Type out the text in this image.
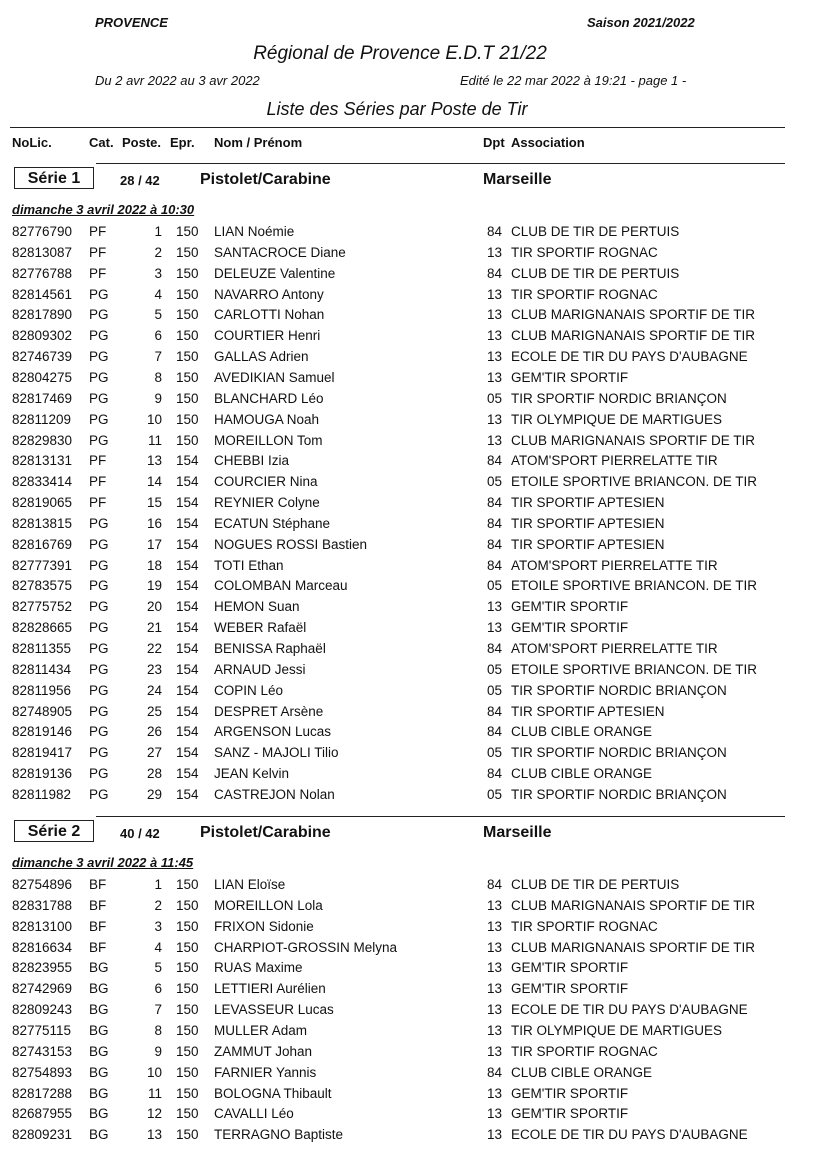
PROVENCE	Saison 2021/2022
Régional de Provence E.D.T 21/22
Du 2 avr 2022 au 3 avr 2022	Edité le 22 mar 2022 à 19:21 - page 1 -
Liste des Séries par Poste de Tir
NoLic.	Cat. Poste. Epr. Nom / Prénom	Dpt Association
Série 1	28 / 42	Pistolet/Carabine	Marseille
dimanche 3 avril 2022 à 10:30
82776790 PF	1 150 LIAN Noémie	84 CLUB DE TIR DE PERTUIS
82813087 PF	2 150 SANTACROCE Diane	13 TIR SPORTIF ROGNAC
82776788 PF	3 150 DELEUZE Valentine	84 CLUB DE TIR DE PERTUIS
82814561 PG	4 150 NAVARRO Antony	13 TIR SPORTIF ROGNAC
82817890 PG	5 150 CARLOTTI Nohan	13 CLUB MARIGNANAIS SPORTIF DE TIR
82809302 PG	6 150 COURTIER Henri	13 CLUB MARIGNANAIS SPORTIF DE TIR
82746739 PG	7 150 GALLAS Adrien	13 ECOLE DE TIR DU PAYS D'AUBAGNE
82804275 PG	8 150 AVEDIKIAN Samuel	13 GEM'TIR SPORTIF
82817469 PG	9 150 BLANCHARD Léo	05 TIR SPORTIF NORDIC BRIANÇON
82811209 PG	10 150 HAMOUGA Noah	13 TIR OLYMPIQUE DE MARTIGUES
82829830 PG	11 150 MOREILLON Tom	13 CLUB MARIGNANAIS SPORTIF DE TIR
82813131 PF	13 154 CHEBBI Izia	84 ATOM'SPORT PIERRELATTE TIR
82833414 PF	14 154 COURCIER Nina	05 ETOILE SPORTIVE BRIANCON. DE TIR
82819065 PF	15 154 REYNIER Colyne	84 TIR SPORTIF APTESIEN
82813815 PG	16 154 ECATUN Stéphane	84 TIR SPORTIF APTESIEN
82816769 PG	17 154 NOGUES ROSSI Bastien	84 TIR SPORTIF APTESIEN
82777391 PG	18 154 TOTI Ethan	84 ATOM'SPORT PIERRELATTE TIR
82783575 PG	19 154 COLOMBAN Marceau	05 ETOILE SPORTIVE BRIANCON. DE TIR
82775752 PG	20 154 HEMON Suan	13 GEM'TIR SPORTIF
82828665 PG	21 154 WEBER Rafaël	13 GEM'TIR SPORTIF
82811355 PG	22 154 BENISSA Raphaël	84 ATOM'SPORT PIERRELATTE TIR
82811434 PG	23 154 ARNAUD Jessi	05 ETOILE SPORTIVE BRIANCON. DE TIR
82811956 PG	24 154 COPIN Léo	05 TIR SPORTIF NORDIC BRIANÇON
82748905 PG	25 154 DESPRET Arsène	84 TIR SPORTIF APTESIEN
82819146 PG	26 154 ARGENSON Lucas	84 CLUB CIBLE ORANGE
82819417 PG	27 154 SANZ - MAJOLI Tilio	05 TIR SPORTIF NORDIC BRIANÇON
82819136 PG	28 154 JEAN Kelvin	84 CLUB CIBLE ORANGE
82811982 PG	29 154 CASTREJON Nolan	05 TIR SPORTIF NORDIC BRIANÇON
Série 2	40 / 42	Pistolet/Carabine	Marseille
dimanche 3 avril 2022 à 11:45
82754896 BF	1 150 LIAN Eloïse	84 CLUB DE TIR DE PERTUIS
82831788 BF	2 150 MOREILLON Lola	13 CLUB MARIGNANAIS SPORTIF DE TIR
82813100 BF	3 150 FRIXON Sidonie	13 TIR SPORTIF ROGNAC
82816634 BF	4 150 CHARPIOT-GROSSIN Melyna	13 CLUB MARIGNANAIS SPORTIF DE TIR
82823955 BG	5 150 RUAS Maxime	13 GEM'TIR SPORTIF
82742969 BG	6 150 LETTIERI Aurélien	13 GEM'TIR SPORTIF
82809243 BG	7 150 LEVASSEUR Lucas	13 ECOLE DE TIR DU PAYS D'AUBAGNE
82775115 BG	8 150 MULLER Adam	13 TIR OLYMPIQUE DE MARTIGUES
82743153 BG	9 150 ZAMMUT Johan	13 TIR SPORTIF ROGNAC
82754893 BG	10 150 FARNIER Yannis	84 CLUB CIBLE ORANGE
82817288 BG	11 150 BOLOGNA Thibault	13 GEM'TIR SPORTIF
82687955 BG	12 150 CAVALLI Léo	13 GEM'TIR SPORTIF
82809231 BG	13 150 TERRAGNO Baptiste	13 ECOLE DE TIR DU PAYS D'AUBAGNE
